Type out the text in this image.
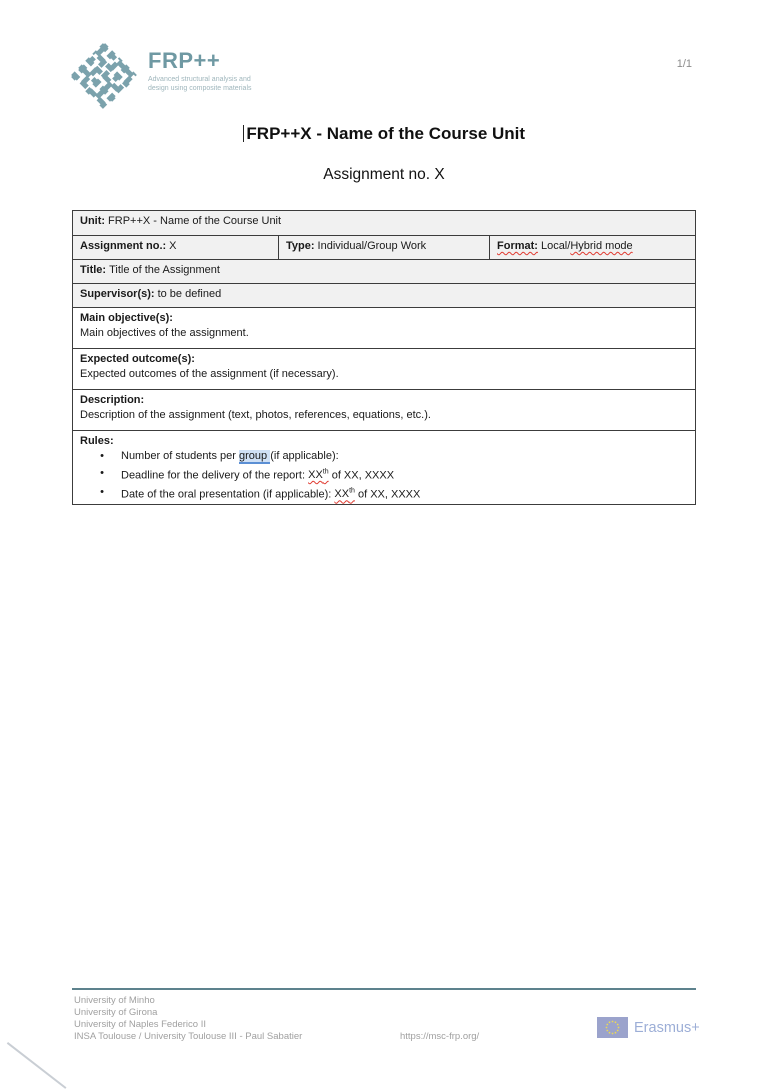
FRP++
Advanced structural analysis and
design using composite materials
1/1
FRP++X - Name of the Course Unit
Assignment no. X
Unit: FRP++X - Name of the Course Unit
Assignment no.: X	Type: Individual/Group Work	Format: Local/Hybrid mode
Title: Title of the Assignment
Supervisor(s): to be defined
Main objective(s):
Main objectives of the assignment.
Expected outcome(s):
Expected outcomes of the assignment (if necessary).
Description:
Description of the assignment (text, photos, references, equations, etc.).
Rules:
•	Number of students per group (if applicable):
•	Deadline for the delivery of the report: XXth of XX, XXXX
•	Date of the oral presentation (if applicable): XXth of XX, XXXX
University of Minho
University of Girona
University of Naples Federico II
INSA Toulouse / University Toulouse III - Paul Sabatier	https://msc-frp.org/
Erasmus+
